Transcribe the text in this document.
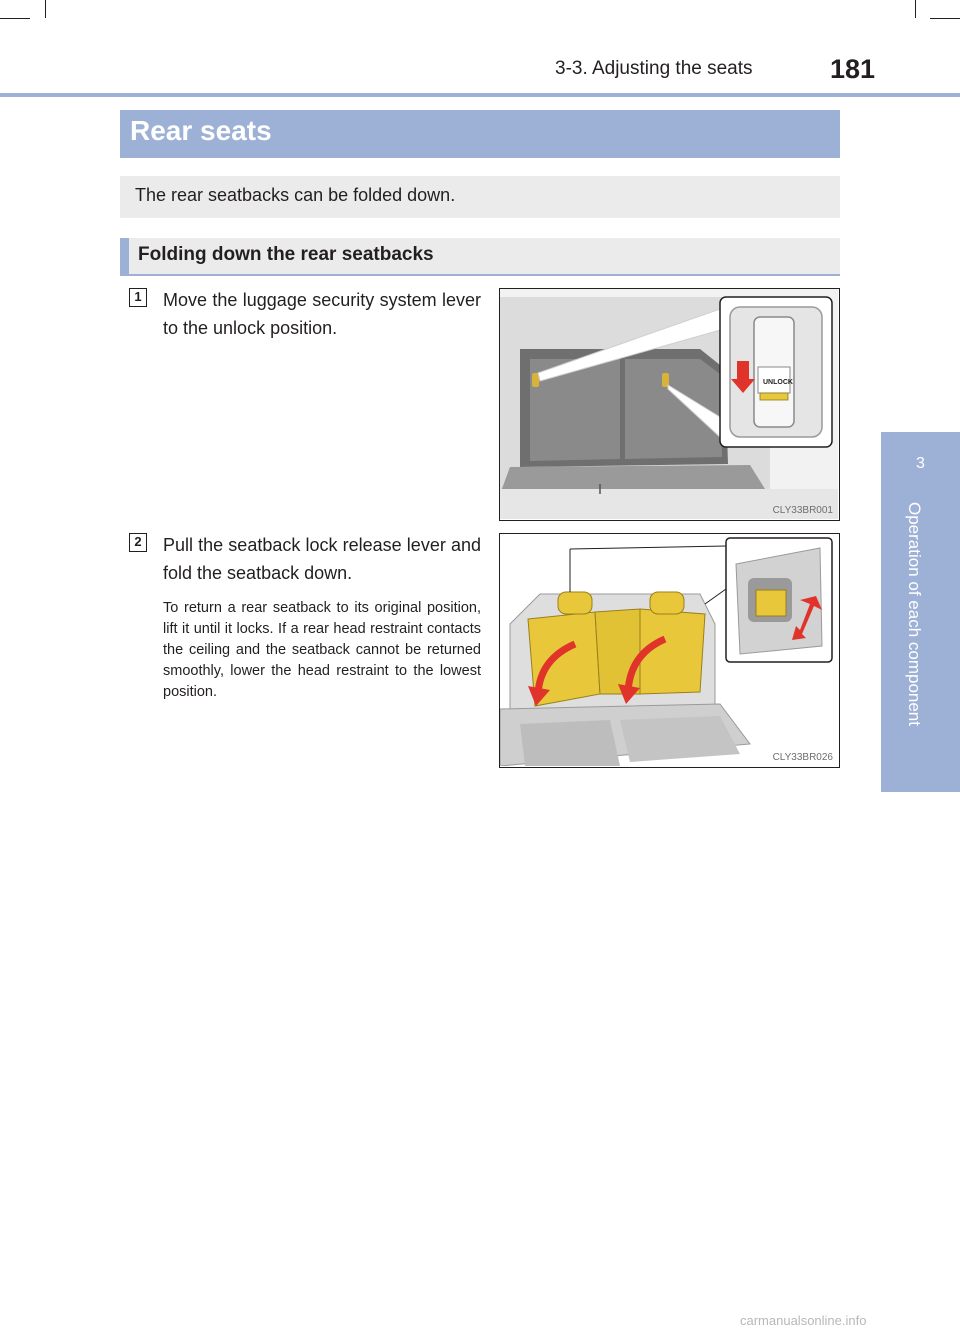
3-3. Adjusting the seats	181
3
Operation of each component
Rear seats
The rear seatbacks can be folded down.
Folding down the rear seatbacks
1 Move the luggage security system lever to the unlock position.
UNLOCK
CLY33BR001
2 Pull the seatback lock release lever and fold the seatback down.
To return a rear seatback to its original position, lift it until it locks. If a rear head restraint contacts the ceiling and the seatback cannot be returned smoothly, lower the head restraint to the lowest position.
CLY33BR026
carmanualsonline.info
